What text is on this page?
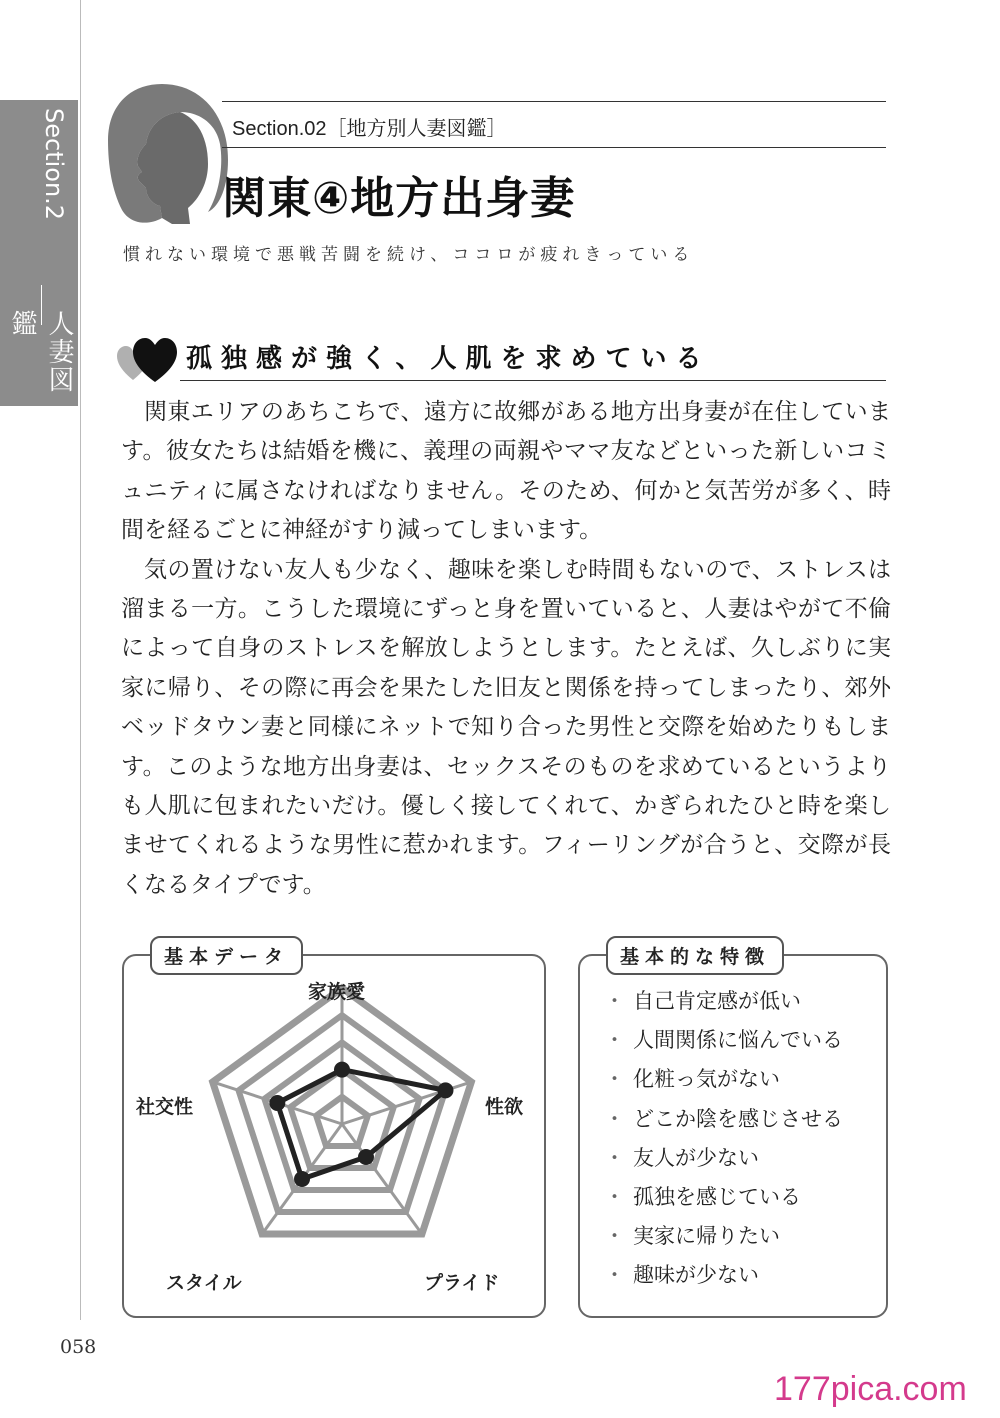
Section.2
地方別人妻図鑑
Section.02［地方別人妻図鑑］
関東④地方出身妻
慣れない環境で悪戦苦闘を続け、ココロが疲れきっている
孤独感が強く、人肌を求めている

関東エリアのあちこちで、遠方に故郷がある地方出身妻が在住しています。彼女たちは結婚を機に、義理の両親やママ友などといった新しいコミュニティに属さなければなりません。そのため、何かと気苦労が多く、時間を経るごとに神経がすり減ってしまいます。

気の置けない友人も少なく、趣味を楽しむ時間もないので、ストレスは溜まる一方。こうした環境にずっと身を置いていると、人妻はやがて不倫によって自身のストレスを解放しようとします。たとえば、久しぶりに実家に帰り、その際に再会を果たした旧友と関係を持ってしまったり、郊外ベッドタウン妻と同様にネットで知り合った男性と交際を始めたりもします。このような地方出身妻は、セックスそのものを求めているというよりも人肌に包まれたいだけ。優しく接してくれて、かぎられたひと時を楽しませてくれるような男性に惹かれます。フィーリングが合うと、交際が長くなるタイプです。

基本データ
家族愛
性欲
プライド
スタイル
社交性
基本的な特徴
・ 自己肯定感が低い
・ 人間関係に悩んでいる
・ 化粧っ気がない
・ どこか陰を感じさせる
・ 友人が少ない
・ 孤独を感じている
・ 実家に帰りたい
・ 趣味が少ない
058
177pica.com
